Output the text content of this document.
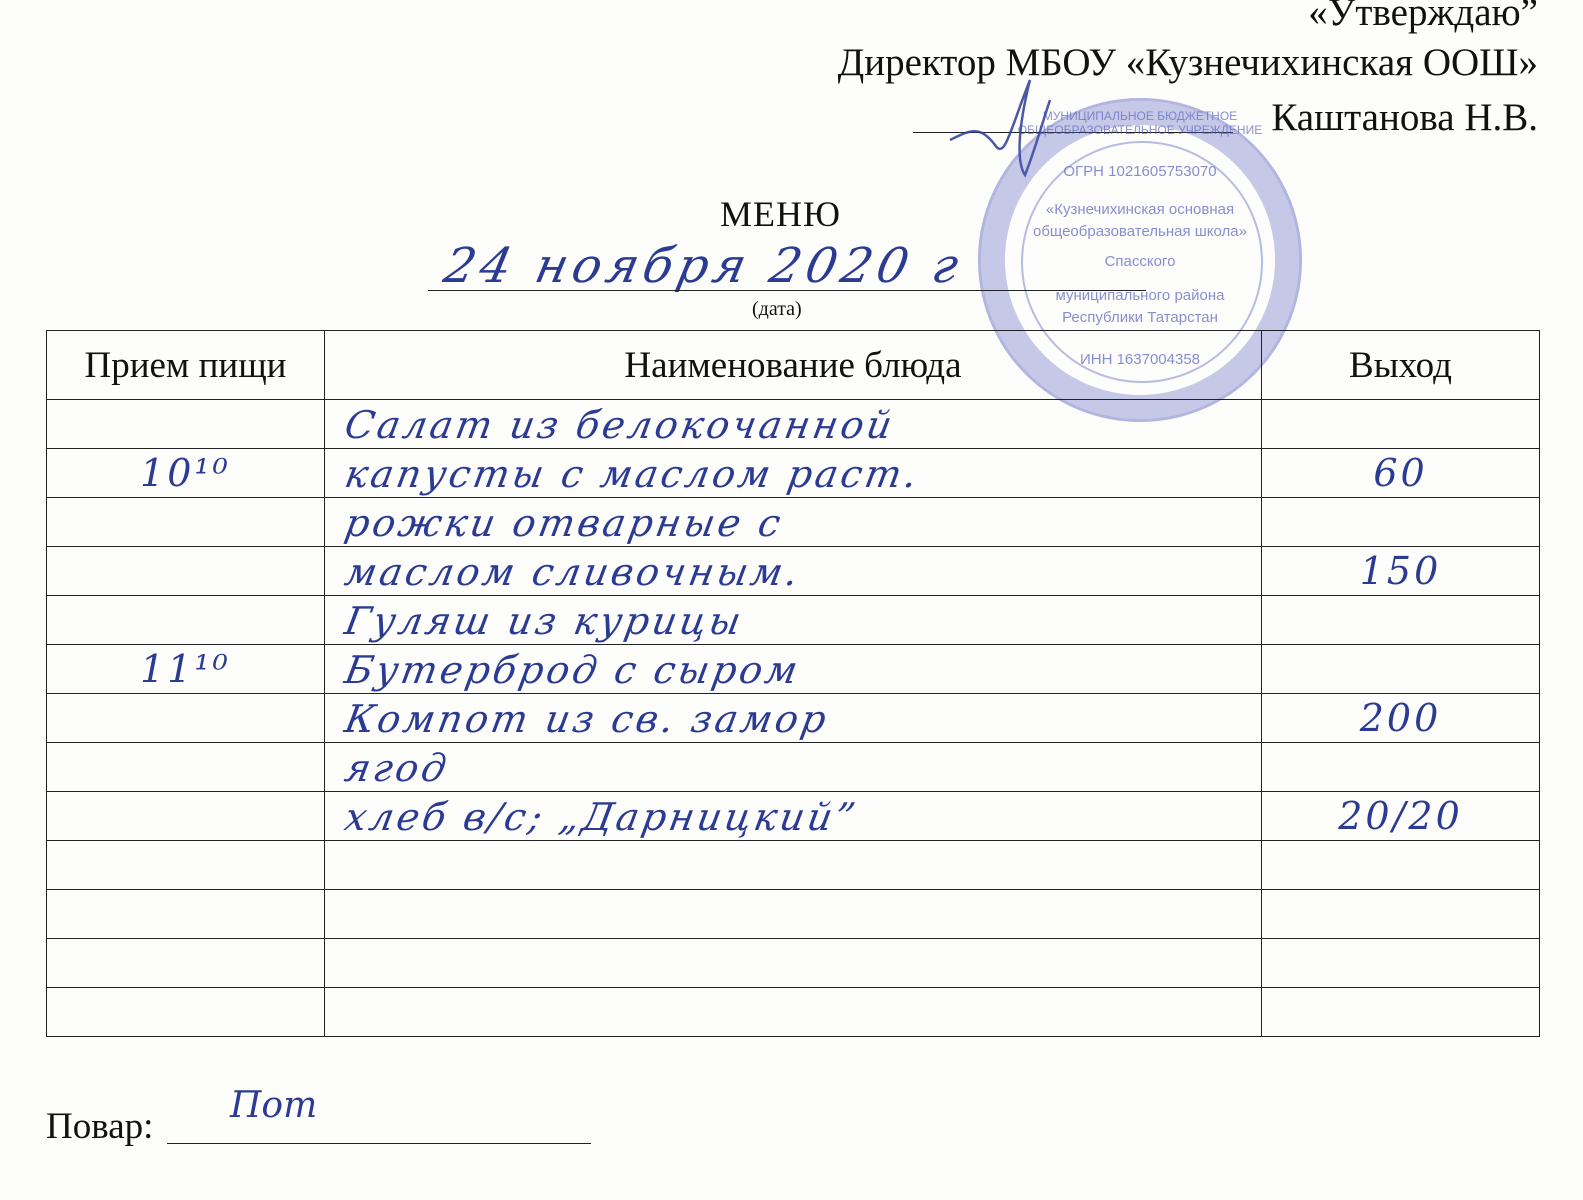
«Утверждаю”
Директор МБОУ «Кузнечихинская ООШ»
Каштанова Н.В.
МУНИЦИПАЛЬНОЕ БЮДЖЕТНОЕ ОБЩЕОБРАЗОВАТЕЛЬНОЕ УЧРЕЖДЕНИЕ
ОГРН 1021605753070
«Кузнечихинская основная
общеобразовательная школа»
Спасского
муниципального района
Республики Татарстан
ИНН 1637004358
МЕНЮ
24 ноября 2020 г
(дата)
Прием пищи	Наименование блюда	Выход
	Салат из белокочанной	
10¹⁰	капусты с маслом раст.	60
	рожки отварные с	
	маслом сливочным.	150
	Гуляш из курицы	
11¹⁰	Бутерброд с сыром	
	Компот из св. замор	200
	ягод	
	хлеб в/с; „Дарницкий”	20/20

Повар:
Пот
